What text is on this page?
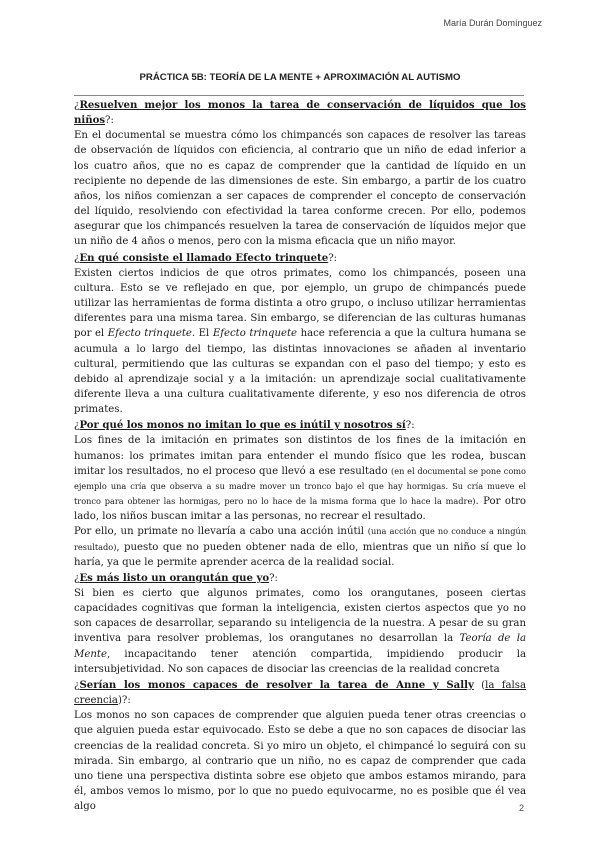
María Durán Domínguez
PRÁCTICA 5B: TEORÍA DE LA MENTE + APROXIMACIÓN AL AUTISMO

¿Resuelven mejor los monos la tarea de conservación de líquidos que los niños?:

En el documental se muestra cómo los chimpancés son capaces de resolver las tareas de observación de líquidos con eficiencia, al contrario que un niño de edad inferior a los cuatro años, que no es capaz de comprender que la cantidad de líquido en un recipiente no depende de las dimensiones de este. Sin embargo, a partir de los cuatro años, los niños comienzan a ser capaces de comprender el concepto de conservación del líquido, resolviendo con efectividad la tarea conforme crecen. Por ello, podemos asegurar que los chimpancés resuelven la tarea de conservación de líquidos mejor que un niño de 4 años o menos, pero con la misma eficacia que un niño mayor.

¿En qué consiste el llamado Efecto trinquete?:

Existen ciertos indicios de que otros primates, como los chimpancés, poseen una cultura. Esto se ve reflejado en que, por ejemplo, un grupo de chimpancés puede utilizar las herramientas de forma distinta a otro grupo, o incluso utilizar herramientas diferentes para una misma tarea. Sin embargo, se diferencian de las culturas humanas por el Efecto trinquete. El Efecto trinquete hace referencia a que la cultura humana se acumula a lo largo del tiempo, las distintas innovaciones se añaden al inventario cultural, permitiendo que las culturas se expandan con el paso del tiempo; y esto es debido al aprendizaje social y a la imitación: un aprendizaje social cualitativamente diferente lleva a una cultura cualitativamente diferente, y eso nos diferencia de otros primates.

¿Por qué los monos no imitan lo que es inútil y nosotros sí?:

Los fines de la imitación en primates son distintos de los fines de la imitación en humanos: los primates imitan para entender el mundo físico que les rodea, buscan imitar los resultados, no el proceso que llevó a ese resultado (en el documental se pone como ejemplo una cría que observa a su madre mover un tronco bajo el que hay hormigas. Su cría mueve el tronco para obtener las hormigas, pero no lo hace de la misma forma que lo hace la madre). Por otro lado, los niños buscan imitar a las personas, no recrear el resultado.

Por ello, un primate no llevaría a cabo una acción inútil (una acción que no conduce a ningún resultado), puesto que no pueden obtener nada de ello, mientras que un niño sí que lo haría, ya que le permite aprender acerca de la realidad social.

¿Es más listo un orangután que yo?:

Si bien es cierto que algunos primates, como los orangutanes, poseen ciertas capacidades cognitivas que forman la inteligencia, existen ciertos aspectos que yo no son capaces de desarrollar, separando su inteligencia de la nuestra. A pesar de su gran inventiva para resolver problemas, los orangutanes no desarrollan la Teoría de la Mente, incapacitando tener atención compartida, impidiendo producir la intersubjetividad. No son capaces de disociar las creencias de la realidad concreta

¿Serían los monos capaces de resolver la tarea de Anne y Sally (la falsa creencia)?:

Los monos no son capaces de comprender que alguien pueda tener otras creencias o que alguien pueda estar equivocado. Esto se debe a que no son capaces de disociar las creencias de la realidad concreta. Si yo miro un objeto, el chimpancé lo seguirá con su mirada. Sin embargo, al contrario que un niño, no es capaz de comprender que cada uno tiene una perspectiva distinta sobre ese objeto que ambos estamos mirando, para él, ambos vemos lo mismo, por lo que no puedo equivocarme, no es posible que él vea algo	2
